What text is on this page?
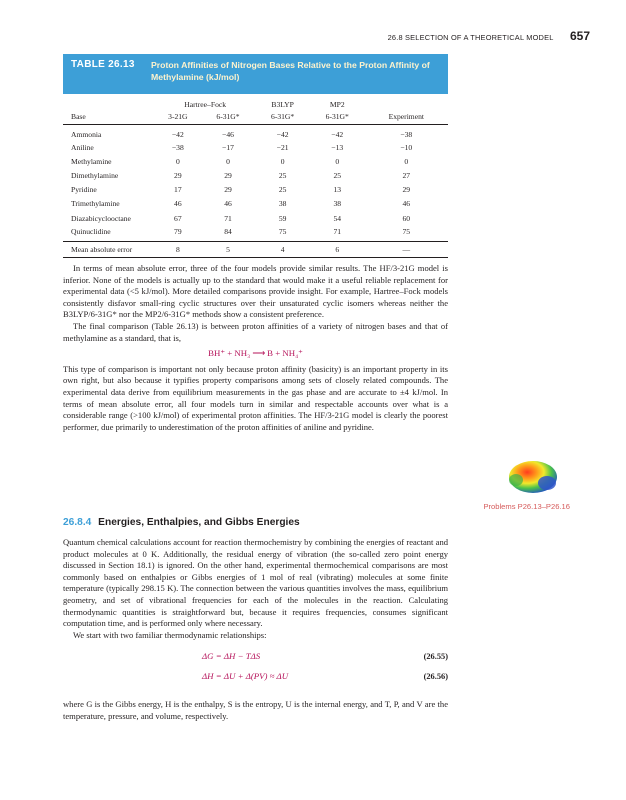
26.8 SELECTION OF A THEORETICAL MODEL 657
TABLE 26.13 Proton Affinities of Nitrogen Bases Relative to the Proton Affinity of Methylamine (kJ/mol)
	Hartree–Fock		B3LYP	MP2	
Base	3-21G	6-31G*	6-31G*	6-31G*	Experiment
Ammonia	−42	−46	−42	−42	−38
Aniline	−38	−17	−21	−13	−10
Methylamine	0	0	0	0	0
Dimethylamine	29	29	25	25	27
Pyridine	17	29	25	13	29
Trimethylamine	46	46	38	38	46
Diazabicyclooctane	67	71	59	54	60
Quinuclidine	79	84	75	71	75
Mean absolute error	8	5	4	6	—

In terms of mean absolute error, three of the four models provide similar results. The HF/3-21G model is inferior. None of the models is actually up to the standard that would make it a useful reliable replacement for experimental data (<5 kJ/mol). More detailed comparisons provide insight. For example, Hartree–Fock models consistently disfavor small-ring cyclic structures over their unsaturated cyclic isomers whereas neither the B3LYP/6-31G* nor the MP2/6-31G* methods show a consistent preference.

The final comparison (Table 26.13) is between proton affinities of a variety of nitrogen bases and that of methylamine as a standard, that is,

BH⁺ + NH₃ ⟶ B + NH₄⁺

This type of comparison is important not only because proton affinity (basicity) is an important property in its own right, but also because it typifies property comparisons among sets of closely related compounds. The experimental data derive from equilibrium measurements in the gas phase and are accurate to ±4 kJ/mol. In terms of mean absolute error, all four models turn in similar and respectable accounts over what is a considerable range (>100 kJ/mol) of experimental proton affinities. The HF/3-21G model is clearly the poorest performer, due primarily to underestimation of the proton affinities of aniline and pyridine.

Problems P26.13–P26.16
26.8.4 Energies, Enthalpies, and Gibbs Energies

Quantum chemical calculations account for reaction thermochemistry by combining the energies of reactant and product molecules at 0 K. Additionally, the residual energy of vibration (the so-called zero point energy discussed in Section 18.1) is ignored. On the other hand, experimental thermochemical comparisons are most commonly based on enthalpies or Gibbs energies of 1 mol of real (vibrating) molecules at some finite temperature (typically 298.15 K). The connection between the various quantities involves the mass, equilibrium geometry, and set of vibrational frequencies for each of the molecules in the reaction. Calculating thermodynamic quantities is straightforward but, because it requires frequencies, consumes significant computation time, and is performed only where necessary.

We start with two familiar thermodynamic relationships:

ΔG = ΔH − TΔS	(26.55)
ΔH = ΔU + Δ(PV) ≈ ΔU	(26.56)

where G is the Gibbs energy, H is the enthalpy, S is the entropy, U is the internal energy, and T, P, and V are the temperature, pressure, and volume, respectively.
